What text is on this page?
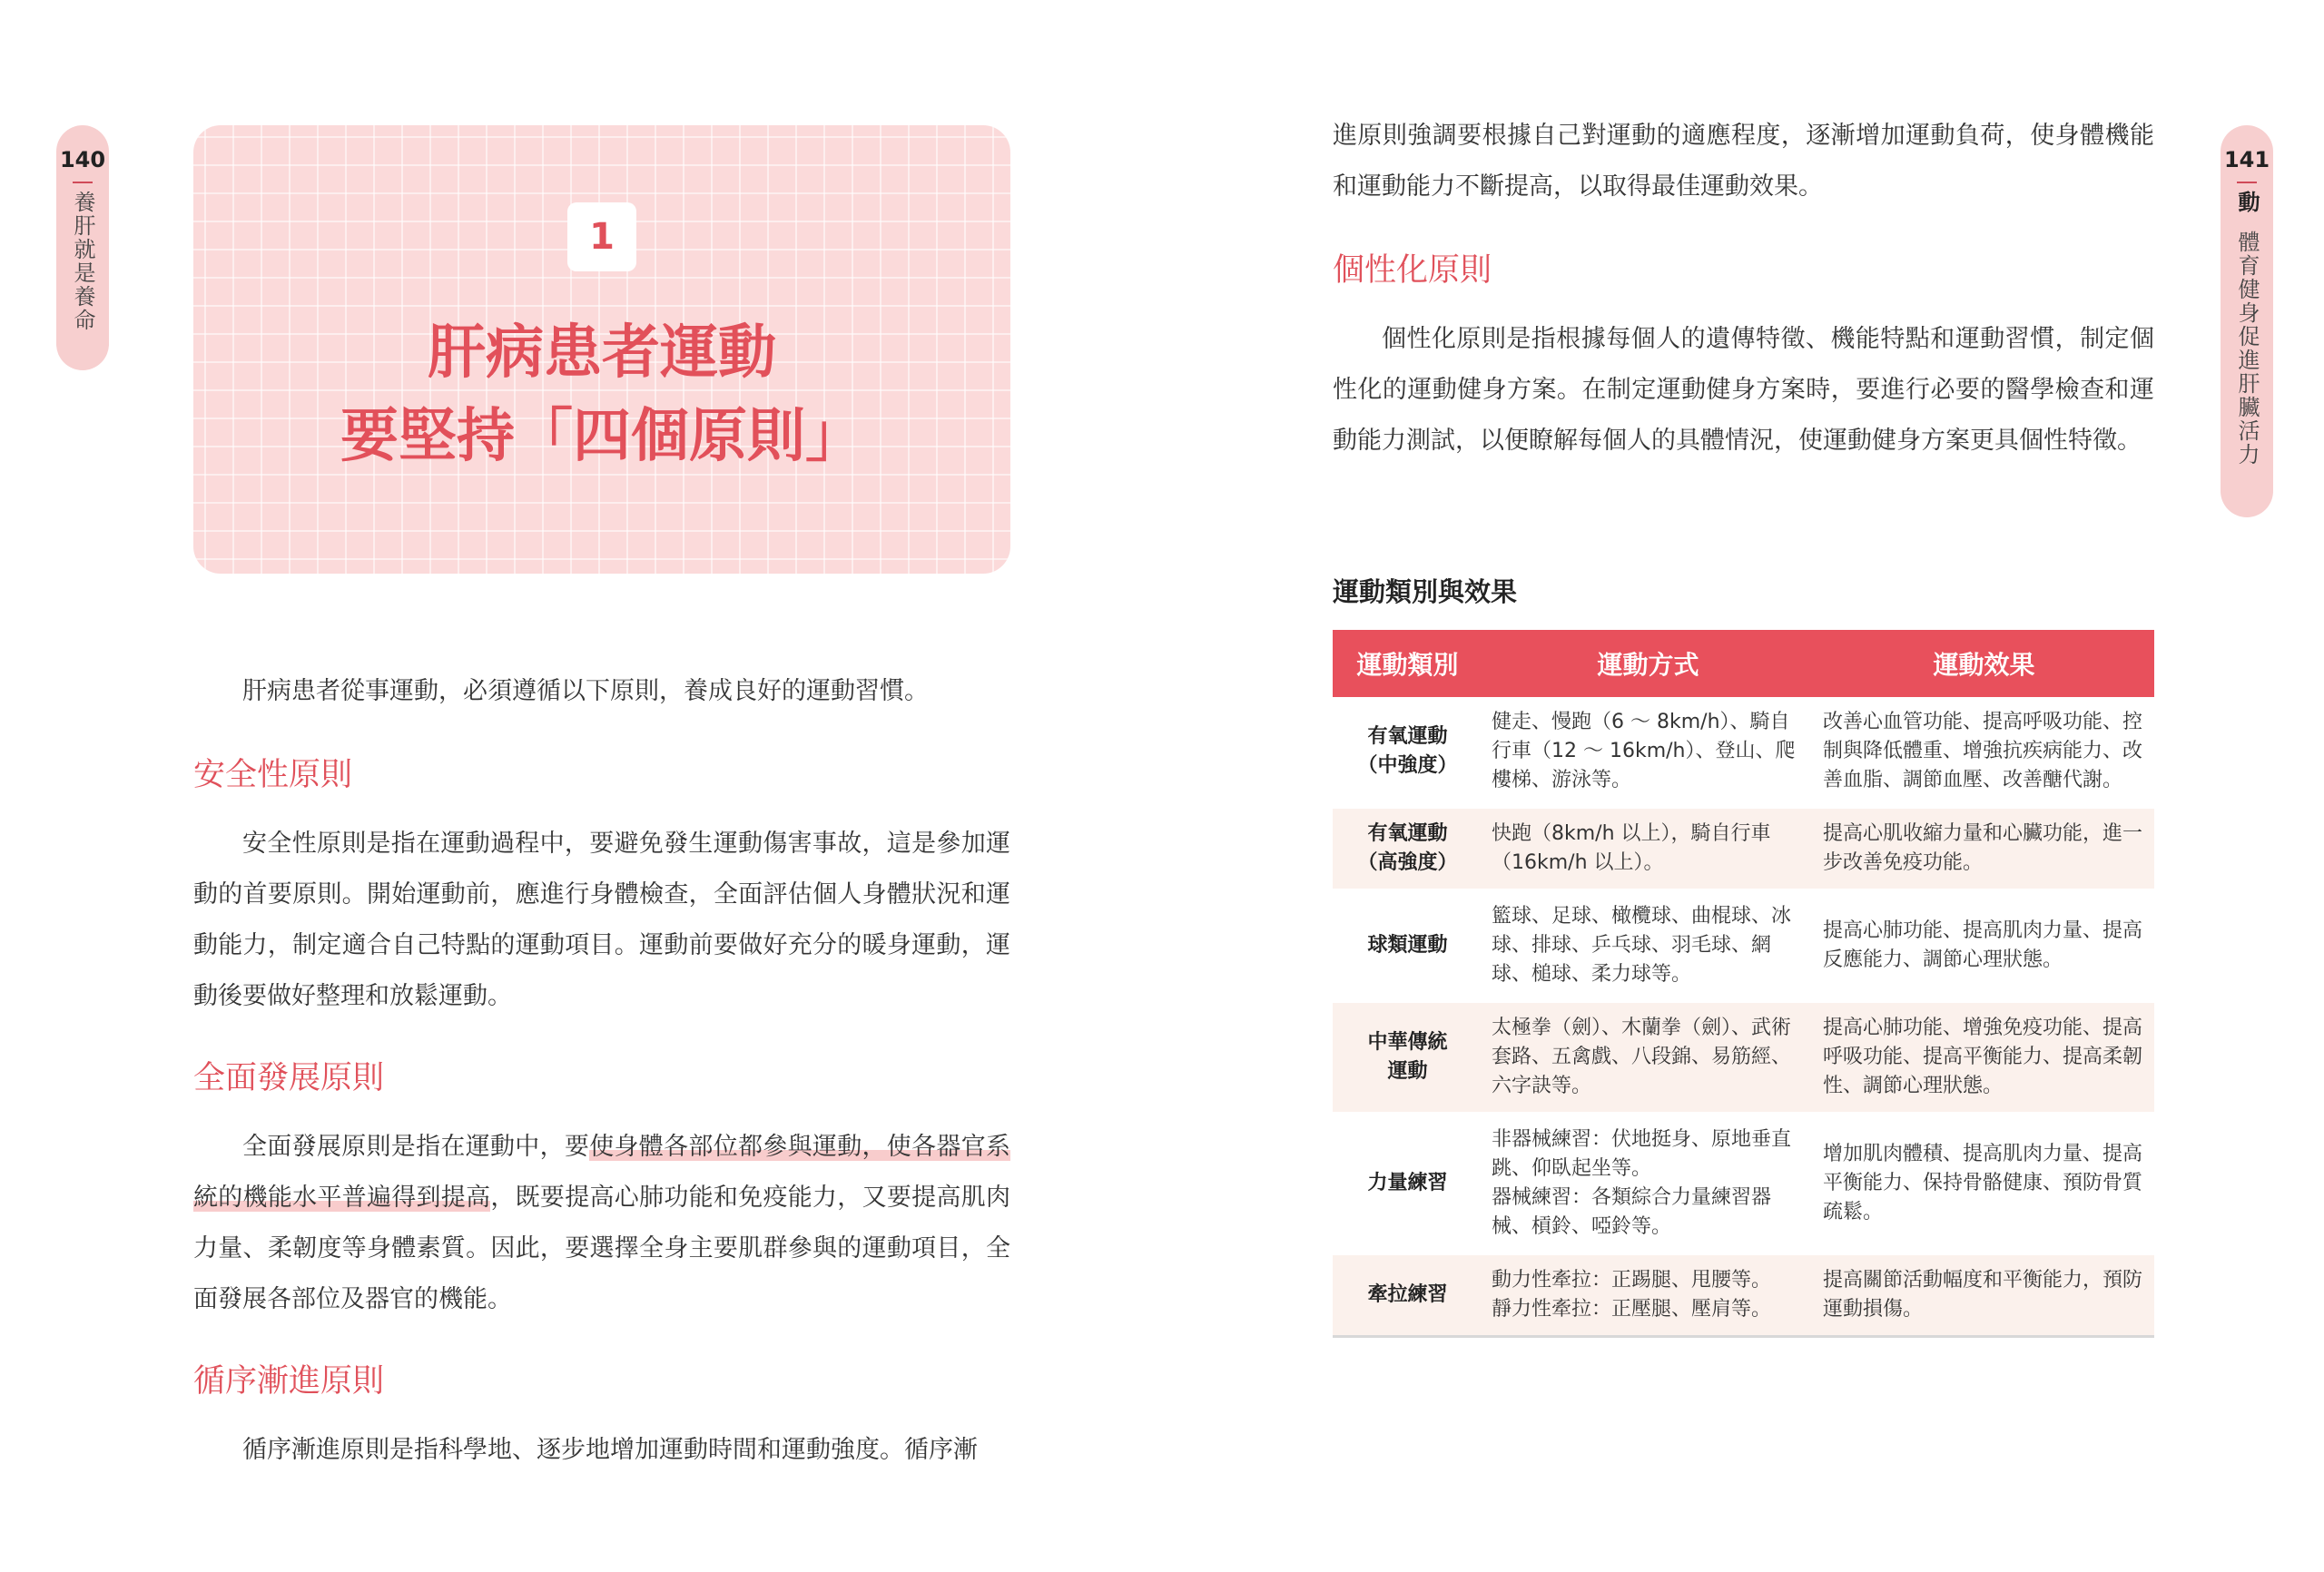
140
養肝就是養命	1
肝病患者運動
要堅持「四個原則」

肝病患者從事運動，必須遵循以下原則，養成良好的運動習慣。

安全性原則

安全性原則是指在運動過程中，要避免發生運動傷害事故，這是參加運動的首要原則。開始運動前，應進行身體檢查，全面評估個人身體狀況和運動能力，制定適合自己特點的運動項目。運動前要做好充分的暖身運動，運動後要做好整理和放鬆運動。

全面發展原則

全面發展原則是指在運動中，要使身體各部位都參與運動，使各器官系統的機能水平普遍得到提高，既要提高心肺功能和免疫能力，又要提高肌肉力量、柔韌度等身體素質。因此，要選擇全身主要肌群參與的運動項目，全面發展各部位及器官的機能。

循序漸進原則

循序漸進原則是指科學地、逐步地增加運動時間和運動強度。循序漸

141
動
體育健身促進肝臟活力

進原則強調要根據自己對運動的適應程度，逐漸增加運動負荷，使身體機能和運動能力不斷提高，以取得最佳運動效果。

個性化原則

個性化原則是指根據每個人的遺傳特徵、機能特點和運動習慣，制定個性化的運動健身方案。在制定運動健身方案時，要進行必要的醫學檢查和運動能力測試，以便瞭解每個人的具體情況，使運動健身方案更具個性特徵。

運動類別與效果
運動類別	運動方式	運動效果
有氧運動
（中強度）	健走、慢跑（6 ～ 8km/h）、騎自行車（12 ～ 16km/h）、登山、爬樓梯、游泳等。	改善心血管功能、提高呼吸功能、控制與降低體重、增強抗疾病能力、改善血脂、調節血壓、改善醣代謝。
有氧運動
（高強度）	快跑（8km/h 以上），騎自行車（16km/h 以上）。	提高心肌收縮力量和心臟功能，進一步改善免疫功能。
球類運動	籃球、足球、橄欖球、曲棍球、冰球、排球、乒乓球、羽毛球、網球、槌球、柔力球等。	提高心肺功能、提高肌肉力量、提高反應能力、調節心理狀態。
中華傳統
運動	太極拳（劍）、木蘭拳（劍）、武術套路、五禽戲、八段錦、易筋經、六字訣等。	提高心肺功能、增強免疫功能、提高呼吸功能、提高平衡能力、提高柔韌性、調節心理狀態。
力量練習	非器械練習：伏地挺身、原地垂直跳、仰臥起坐等。
器械練習：各類綜合力量練習器械、槓鈴、啞鈴等。	增加肌肉體積、提高肌肉力量、提高平衡能力、保持骨骼健康、預防骨質疏鬆。
牽拉練習	動力性牽拉：正踢腿、甩腰等。
靜力性牽拉：正壓腿、壓肩等。	提高關節活動幅度和平衡能力，預防運動損傷。
